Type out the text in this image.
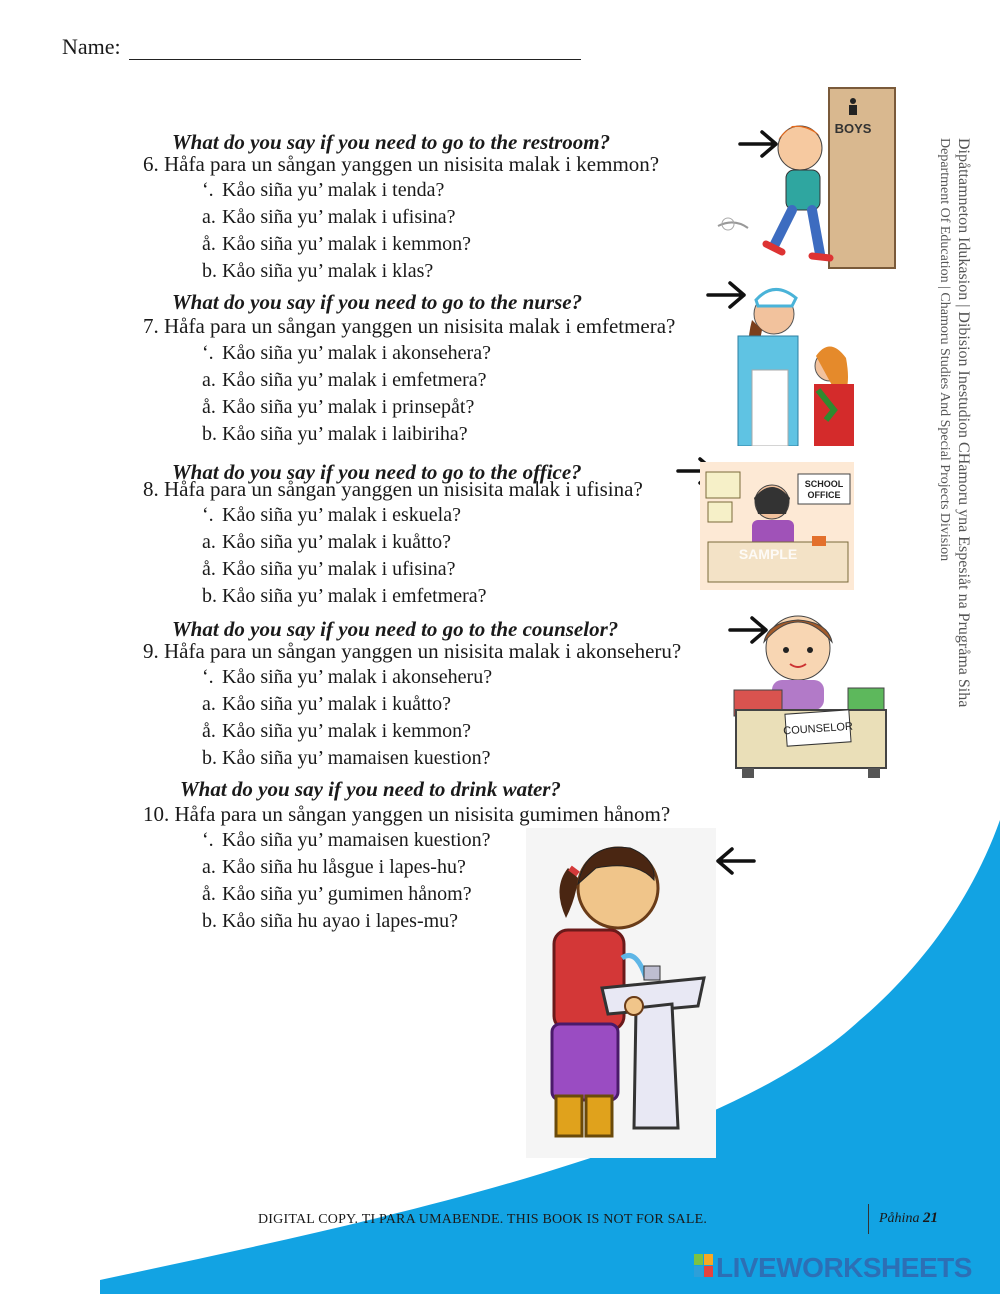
Name:
What do you say if you need to go to the restroom?
6. Håfa para un sångan yanggen un nisisita malak i kemmon?
‘. Kåo siña yu’ malak i tenda?
a. Kåo siña yu’ malak i ufisina?
å. Kåo siña yu’ malak i kemmon?
b. Kåo siña yu’ malak i klas?
What do you say if you need to go to the nurse?
7. Håfa para un sångan yanggen un nisisita malak i emfetmera?
‘. Kåo siña yu’ malak i akonsehera?
a. Kåo siña yu’ malak i emfetmera?
å. Kåo siña yu’ malak i prinsepåt?
b. Kåo siña yu’ malak i laibiriha?
What do you say if you need to go to the office?
8. Håfa para un sångan yanggen un nisisita malak i ufisina?
‘. Kåo siña yu’ malak i eskuela?
a. Kåo siña yu’ malak i kuåtto?
å. Kåo siña yu’ malak i ufisina?
b. Kåo siña yu’ malak i emfetmera?
What do you say if you need to go to the counselor?
9. Håfa para un sångan yanggen un nisisita malak i akonseheru?
‘. Kåo siña yu’ malak i akonseheru?
a. Kåo siña yu’ malak i kuåtto?
å. Kåo siña yu’ malak i kemmon?
b. Kåo siña yu’ mamaisen kuestion?
What do you say if you need to drink water?
10. Håfa para un sångan yanggen un nisisita gumimen hånom?
‘. Kåo siña yu’ mamaisen kuestion?
a. Kåo siña hu låsgue i lapes-hu?
å. Kåo siña yu’ gumimen hånom?
b. Kåo siña hu ayao i lapes-mu?
BOYS
SCHOOL
OFFICE
SAMPLE
COUNSELOR
Dipåttamneton Idukasion | Dibision Inestudion CHamoru yna Espesiåt na Prugråma Siha
Department Of Education | Chamoru Studies And Special Projects Division
DIGITAL COPY. TI PARA UMABENDE. THIS BOOK IS NOT FOR SALE.	Påhina 21
LIVEWORKSHEETS
